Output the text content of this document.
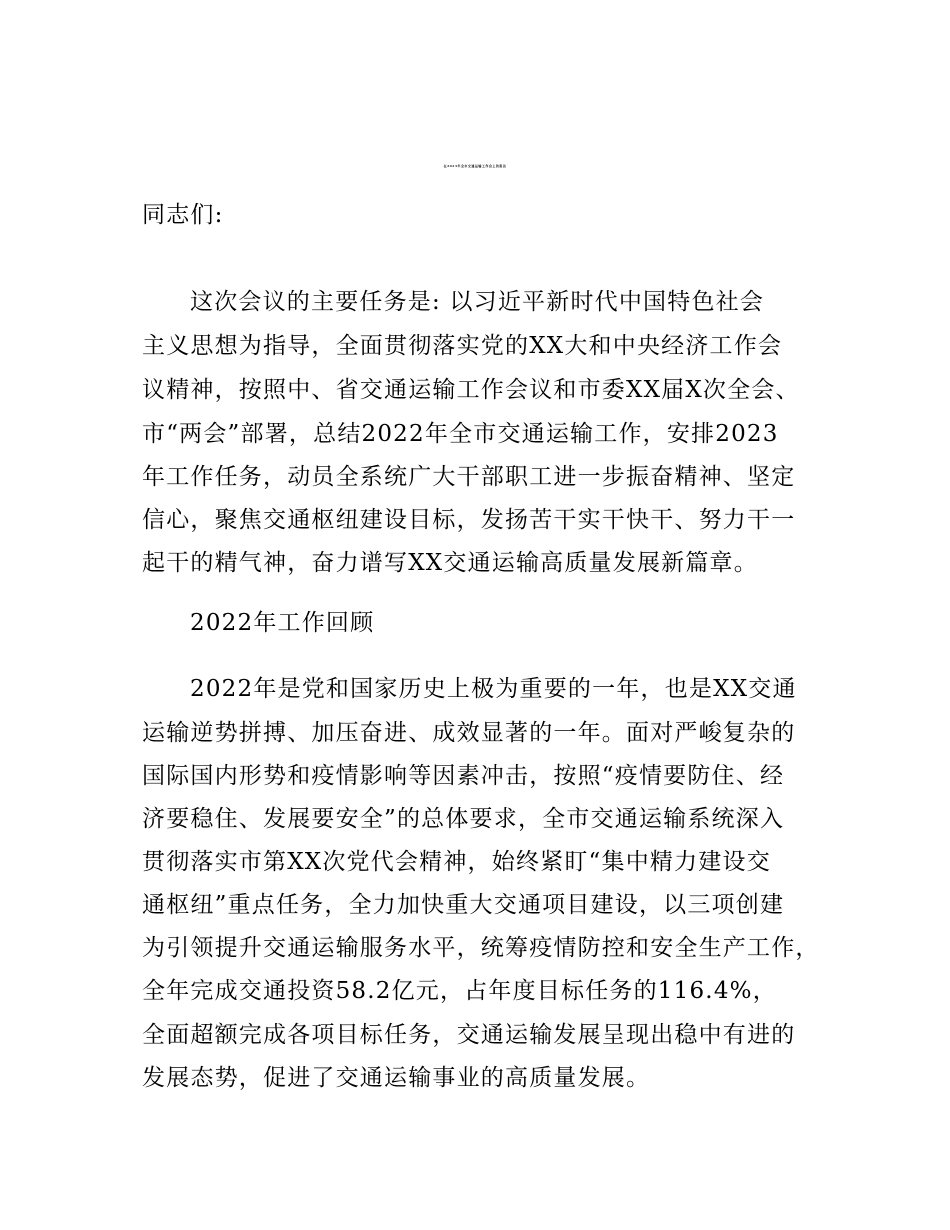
在2023年全市交通运输工作会上的报告
同志们:
这次会议的主要任务是: 以习近平新时代中国特色社会
主义思想为指导，全面贯彻落实党的XX大和中央经济工作会
议精神，按照中、省交通运输工作会议和市委XX届X次全会、
市“两会”部署，总结2022年全市交通运输工作，安排2023
年工作任务，动员全系统广大干部职工进一步振奋精神、坚定
信心，聚焦交通枢纽建设目标，发扬苦干实干快干、努力干一
起干的精气神，奋力谱写XX交通运输高质量发展新篇章。
2022年工作回顾
2022年是党和国家历史上极为重要的一年，也是XX交通
运输逆势拼搏、加压奋进、成效显著的一年。面对严峻复杂的
国际国内形势和疫情影响等因素冲击，按照“疫情要防住、经
济要稳住、发展要安全”的总体要求，全市交通运输系统深入
贯彻落实市第XX次党代会精神，始终紧盯“集中精力建设交
通枢纽”重点任务，全力加快重大交通项目建设，以三项创建
为引领提升交通运输服务水平，统筹疫情防控和安全生产工作，
全年完成交通投资58.2亿元，占年度目标任务的116.4%，
全面超额完成各项目标任务，交通运输发展呈现出稳中有进的
发展态势，促进了交通运输事业的高质量发展。
